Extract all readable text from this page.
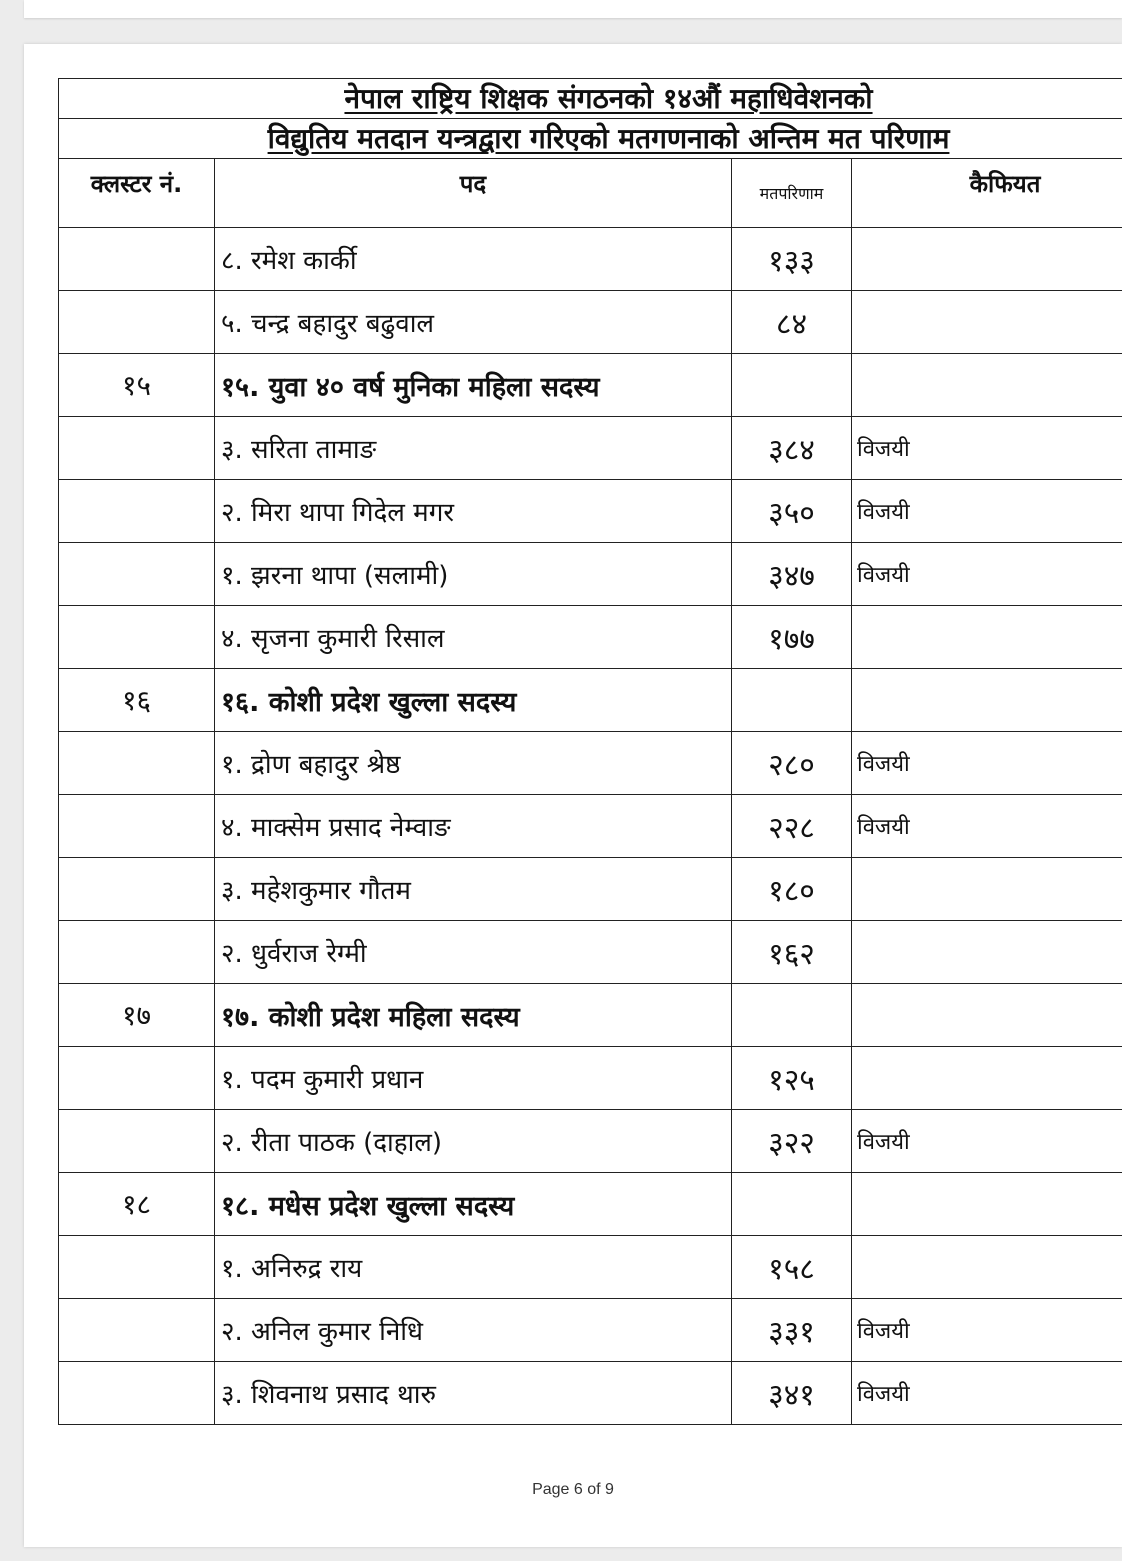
नेपाल राष्ट्रिय शिक्षक संगठनको १४औं महाधिवेशनको			
विद्युतिय मतदान यन्त्रद्वारा गरिएको मतगणनाको अन्तिम मत परिणाम			
क्लस्टर नं.	पद	मतपरिणाम	कैफियत
	८. रमेश कार्की	१३३	
	५. चन्द्र बहादुर बढुवाल	८४	
१५	१५. युवा ४० वर्ष मुनिका महिला सदस्य		
	३. सरिता तामाङ	३८४	विजयी
	२. मिरा थापा गिदेल मगर	३५०	विजयी
	१. झरना थापा (सलामी)	३४७	विजयी
	४. सृजना कुमारी रिसाल	१७७	
१६	१६. कोशी प्रदेश खुल्ला सदस्य		
	१. द्रोण बहादुर श्रेष्ठ	२८०	विजयी
	४. माक्सेम प्रसाद नेम्वाङ	२२८	विजयी
	३. महेशकुमार गौतम	१८०	
	२. धुर्वराज रेग्मी	१६२	
१७	१७. कोशी प्रदेश महिला सदस्य		
	१. पदम कुमारी प्रधान	१२५	
	२. रीता पाठक (दाहाल)	३२२	विजयी
१८	१८. मधेस प्रदेश खुल्ला सदस्य		
	१. अनिरुद्र राय	१५८	
	२. अनिल कुमार निधि	३३१	विजयी
	३. शिवनाथ प्रसाद थारु	३४१	विजयी
Page 6 of 9
